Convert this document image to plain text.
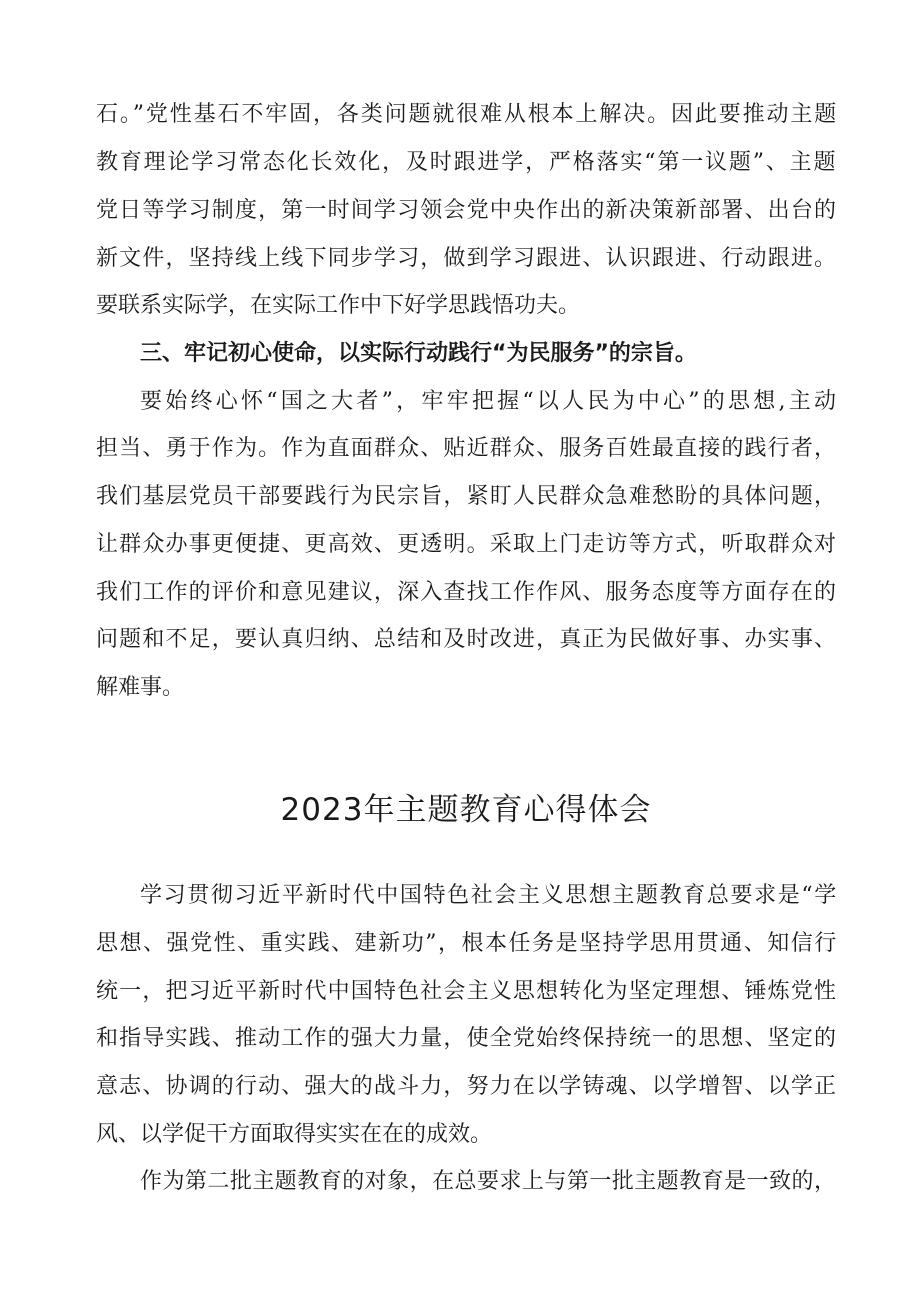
石。”党性基石不牢固，各类问题就很难从根本上解决。因此要推动主题
教育理论学习常态化长效化，及时跟进学，严格落实“第一议题”、主题
党日等学习制度，第一时间学习领会党中央作出的新决策新部署、出台的
新文件，坚持线上线下同步学习，做到学习跟进、认识跟进、行动跟进。
要联系实际学，在实际工作中下好学思践悟功夫。
三、牢记初心使命，以实际行动践行“为民服务”的宗旨。
要始终心怀“国之大者”，牢牢把握“以人民为中心”的思想,主动
担当、勇于作为。作为直面群众、贴近群众、服务百姓最直接的践行者，
我们基层党员干部要践行为民宗旨，紧盯人民群众急难愁盼的具体问题，
让群众办事更便捷、更高效、更透明。采取上门走访等方式，听取群众对
我们工作的评价和意见建议，深入查找工作作风、服务态度等方面存在的
问题和不足，要认真归纳、总结和及时改进，真正为民做好事、办实事、
解难事。
2023年主题教育心得体会
学习贯彻习近平新时代中国特色社会主义思想主题教育总要求是“学
思想、强党性、重实践、建新功”，根本任务是坚持学思用贯通、知信行
统一，把习近平新时代中国特色社会主义思想转化为坚定理想、锤炼党性
和指导实践、推动工作的强大力量，使全党始终保持统一的思想、坚定的
意志、协调的行动、强大的战斗力，努力在以学铸魂、以学增智、以学正
风、以学促干方面取得实实在在的成效。
作为第二批主题教育的对象，在总要求上与第一批主题教育是一致的，
